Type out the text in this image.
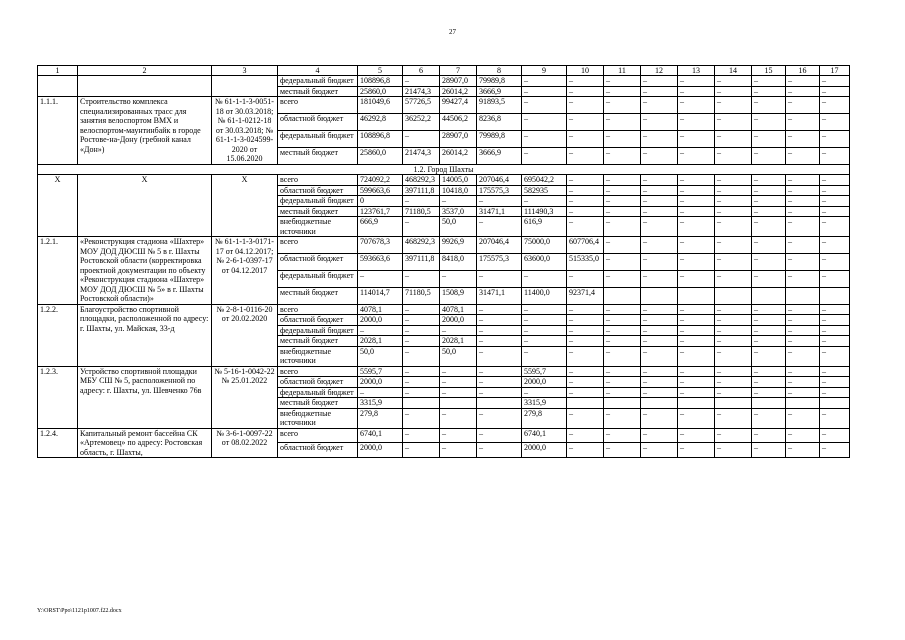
27
1	2	3	4	5	6	7	8	9	10	11	12	13	14	15	16	17
			федеральный бюджет	108896,8	–	28907,0	79989,8	–	–	–	–	–	–	–	–	–
			местный бюджет	25860,0	21474,3	26014,2	3666,9	–	–	–	–	–	–	–	–	–
1.1.1.	Строительство комплекса специализированных трасс для занятия велоспортом ВМХ и велоспортом-маунтинбайк в городе Ростове-на-Дону (гребной канал «Дон»)	№ 61-1-1-3-0051-18 от 30.03.2018; № 61-1-0212-18 от 30.03.2018; № 61-1-1-3-024599-2020 от 15.06.2020	всего	181049,6	57726,5	99427,4	91893,5	–	–	–	–	–	–	–	–	–
			областной бюджет	46292,8	36252,2	44506,2	8236,8	–	–	–	–	–	–	–	–	–
			федеральный бюджет	108896,8	–	28907,0	79989,8	–	–	–	–	–	–	–	–	–
			местный бюджет	25860,0	21474,3	26014,2	3666,9	–	–	–	–	–	–	–	–	–
1.2. Город Шахты																
Х	Х	Х	всего	724092,2	468292,3	14005,0	207046,4	695042,2	–	–	–	–	–	–	–	–
			областной бюджет	599663,6	397111,8	10418,0	175575,3	582935	–	–	–	–	–	–	–	–
			федеральный бюджет	0	–	–	–	–	–	–	–	–	–	–	–	–
			местный бюджет	123761,7	71180,5	3537,0	31471,1	111490,3	–	–	–	–	–	–	–	–
			внебюджетные источники	666,9	–	50,0	–	616,9	–	–	–	–	–	–	–	–
1.2.1.	«Реконструкция стадиона «Шахтер» МОУ ДОД ДЮСШ № 5 в г. Шахты Ростовской области (корректировка проектной документации по объекту «Реконструкция стадиона «Шахтер» МОУ ДОД ДЮСШ № 5» в г. Шахты Ростовской области)»	№ 61-1-1-3-0171-17 от 04.12.2017; № 2-6-1-0397-17 от 04.12.2017	всего	707678,3	468292,3	9926,9	207046,4	75000,0	607706,4	–	–	–	–	–	–	–
			областной бюджет	593663,6	397111,8	8418,0	175575,3	63600,0	515335,0	–	–	–	–	–	–	–
			федеральный бюджет	–	–	–	–	–	–	–	–	–	–	–	–	–
			местный бюджет	114014,7	71180,5	1508,9	31471,1	11400,0	92371,4							
1.2.2.	Благоустройство спортивной площадки, расположенной по адресу: г. Шахты, ул. Майская, 33-д	№ 2-8-1-0116-20 от 20.02.2020	всего	4078,1	–	4078,1	–	–	–	–	–	–	–	–	–	–
			областной бюджет	2000,0	–	2000,0	–	–	–	–	–	–	–	–	–	–
			федеральный бюджет	–	–	–	–	–	–	–	–	–	–	–	–	–
			местный бюджет	2028,1	–	2028,1	–	–	–	–	–	–	–	–	–	–
			внебюджетные источники	50,0	–	50,0	–	–	–	–	–	–	–	–	–	–
1.2.3.	Устройство спортивной площадки МБУ СШ № 5, расположенной по адресу: г. Шахты, ул. Шевченко 76в	№ 5-16-1-0042-22 № 25.01.2022	всего	5595,7	–	–	–	5595,7	–	–	–	–	–	–	–	–
			областной бюджет	2000,0	–	–	–	2000,0	–	–	–	–	–	–	–	–
			федеральный бюджет	–	–	–	–	–	–	–	–	–	–	–	–	–
			местный бюджет	3315,9				3315,9								
			внебюджетные источники	279,8	–	–	–	279,8	–	–	–	–	–	–	–	–
1.2.4.	Капитальный ремонт бассейна СК «Артемовец» по адресу: Ростовская область, г. Шахты,	№ 3-6-1-0097-22 от 08.02.2022	всего	6740,1	–	–	–	6740,1	–	–	–	–	–	–	–	–
			областной бюджет	2000,0	–	–	–	2000,0	–	–	–	–	–	–	–	–
Y:\ORST\Ppo\1121p1007.f22.docx
